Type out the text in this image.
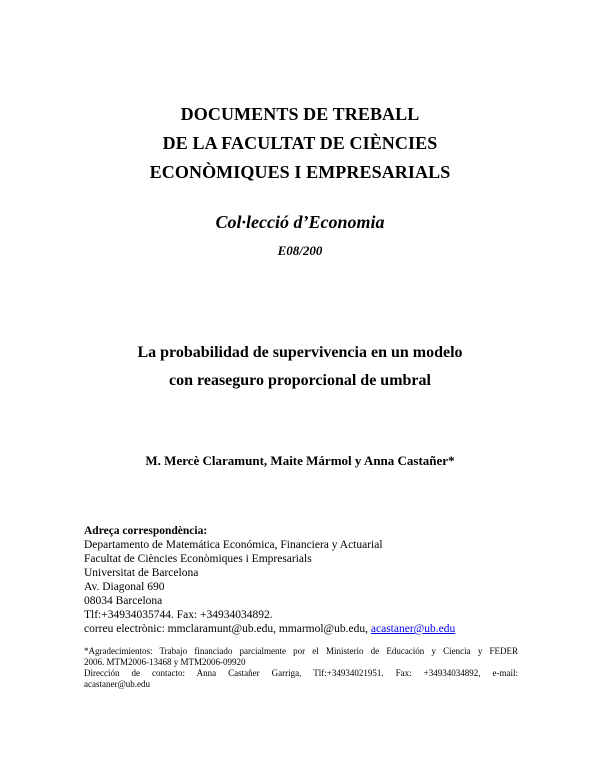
DOCUMENTS DE TREBALL
DE LA FACULTAT DE CIÈNCIES
ECONÒMIQUES I EMPRESARIALS
Col·lecció d’Economia
E08/200
La probabilidad de supervivencia en un modelo
con reaseguro proporcional de umbral
M. Mercè Claramunt, Maite Mármol y Anna Castañer*
Adreça correspondència:
Departamento de Matemática Económica, Financiera y Actuarial
Facultat de Ciències Econòmiques i Empresarials
Universitat de Barcelona
Av. Diagonal 690
08034 Barcelona
Tlf:+34934035744. Fax: +34934034892.
correu electrònic: mmclaramunt@ub.edu, mmarmol@ub.edu, acastaner@ub.edu
*Agradecimientos: Trabajo financiado parcialmente por el Ministerio de Educación y Ciencia y FEDER
2006. MTM2006-13468 y MTM2006-09920
Dirección de contacto: Anna Castañer Garriga, Tlf:+34934021951. Fax: +34934034892, e-mail:
acastaner@ub.edu
